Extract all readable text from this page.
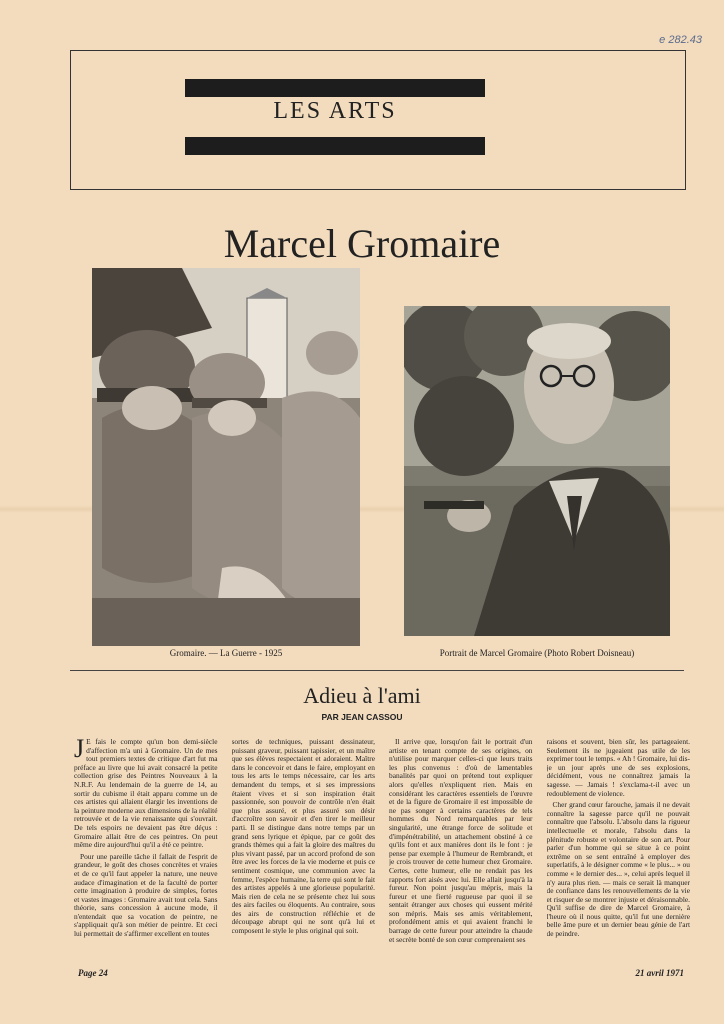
e 282.43
LES ARTS
Marcel Gromaire
Gromaire. — La Guerre - 1925	Portrait de Marcel Gromaire (Photo Robert Doisneau)
Adieu à l'ami
PAR JEAN CASSOU

J E fais le compte qu'un bon demi-siècle d'affection m'a uni à Gromaire. Un de mes tout premiers textes de critique d'art fut ma préface au livre que lui avait consacré la petite collection grise des Peintres Nouveaux à la N.R.F. Au lendemain de la guerre de 14, au sortir du cubisme il était apparu comme un de ces artistes qui allaient élargir les inventions de la peinture moderne aux dimensions de la réalité retrouvée et de la vie renaissante qui s'ouvrait. De tels espoirs ne devaient pas être déçus : Gromaire allait être de ces peintres. On peut même dire aujourd'hui qu'il a été ce peintre.

Pour une pareille tâche il fallait de l'esprit de grandeur, le goût des choses concrètes et vraies et de ce qu'il faut appeler la nature, une neuve audace d'imagination et de la faculté de porter cette imagination à produire de simples, fortes et vastes images : Gromaire avait tout cela. Sans théorie, sans concession à aucune mode, il n'entendait que sa vocation de peintre, ne s'appliquait qu'à son métier de peintre. Et ceci lui permettait de s'affirmer excellent en toutes

sortes de techniques, puissant dessinateur, puissant graveur, puissant tapissier, et un maître que ses élèves respectaient et adoraient. Maître dans le concevoir et dans le faire, employant en tous les arts le temps nécessaire, car les arts demandent du temps, et si ses impressions étaient vives et si son inspiration était passionnée, son pouvoir de contrôle n'en était que plus assuré, et plus assuré son désir d'accroître son savoir et d'en tirer le meilleur parti. Il se distingue dans notre temps par un grand sens lyrique et épique, par ce goût des grands thèmes qui a fait la gloire des maîtres du plus vivant passé, par un accord profond de son être avec les forces de la vie moderne et puis ce sentiment cosmique, une communion avec la femme, l'espèce humaine, la terre qui sont le fait des artistes appelés à une glorieuse popularité. Mais rien de cela ne se présente chez lui sous des airs faciles ou éloquents. Au contraire, sous des airs de construction réfléchie et de découpage abrupt qui ne sont qu'à lui et composent le style le plus original qui soit.

Il arrive que, lorsqu'on fait le portrait d'un artiste en tenant compte de ses origines, on n'utilise pour marquer celles-ci que leurs traits les plus convenus : d'où de lamentables banalités par quoi on prétend tout expliquer alors qu'elles n'expliquent rien. Mais en considérant les caractères essentiels de l'œuvre et de la figure de Gromaire il est impossible de ne pas songer à certains caractères de tels hommes du Nord remarquables par leur singularité, une étrange force de solitude et d'impénétrabilité, un attachement obstiné à ce qu'ils font et aux manières dont ils le font : je pense par exemple à l'humeur de Rembrandt, et je crois trouver de cette humeur chez Gromaire. Certes, cette humeur, elle ne rendait pas les rapports fort aisés avec lui. Elle allait jusqu'à la fureur. Non point jusqu'au mépris, mais la fureur et une fierté rugueuse par quoi il se sentait étranger aux choses qui eussent mérité son mépris. Mais ses amis véritablement, profondément amis et qui avaient franchi le barrage de cette fureur pour atteindre la chaude et secrète bonté de son cœur comprenaient ses

raisons et souvent, bien sûr, les partageaient. Seulement ils ne jugeaient pas utile de les exprimer tout le temps. « Ah ! Gromaire, lui dis-je un jour après une de ses explosions, décidément, vous ne connaîtrez jamais la sagesse. — Jamais ! s'exclama-t-il avec un redoublement de violence.

Cher grand cœur farouche, jamais il ne devait connaître la sagesse parce qu'il ne pouvait connaître que l'absolu. L'absolu dans la rigueur intellectuelle et morale, l'absolu dans la plénitude robuste et volontaire de son art. Pour parler d'un homme qui se situe à ce point extrême on se sent entraîné à employer des superlatifs, à le désigner comme « le plus... » ou comme « le dernier des... », celui après lequel il n'y aura plus rien. — mais ce serait là manquer de confiance dans les renouvellements de la vie et risquer de se montrer injuste et déraisonnable. Qu'il suffise de dire de Marcel Gromaire, à l'heure où il nous quitte, qu'il fut une dernière belle âme pure et un dernier beau génie de l'art de peindre.

Page 24	21 avril 1971
